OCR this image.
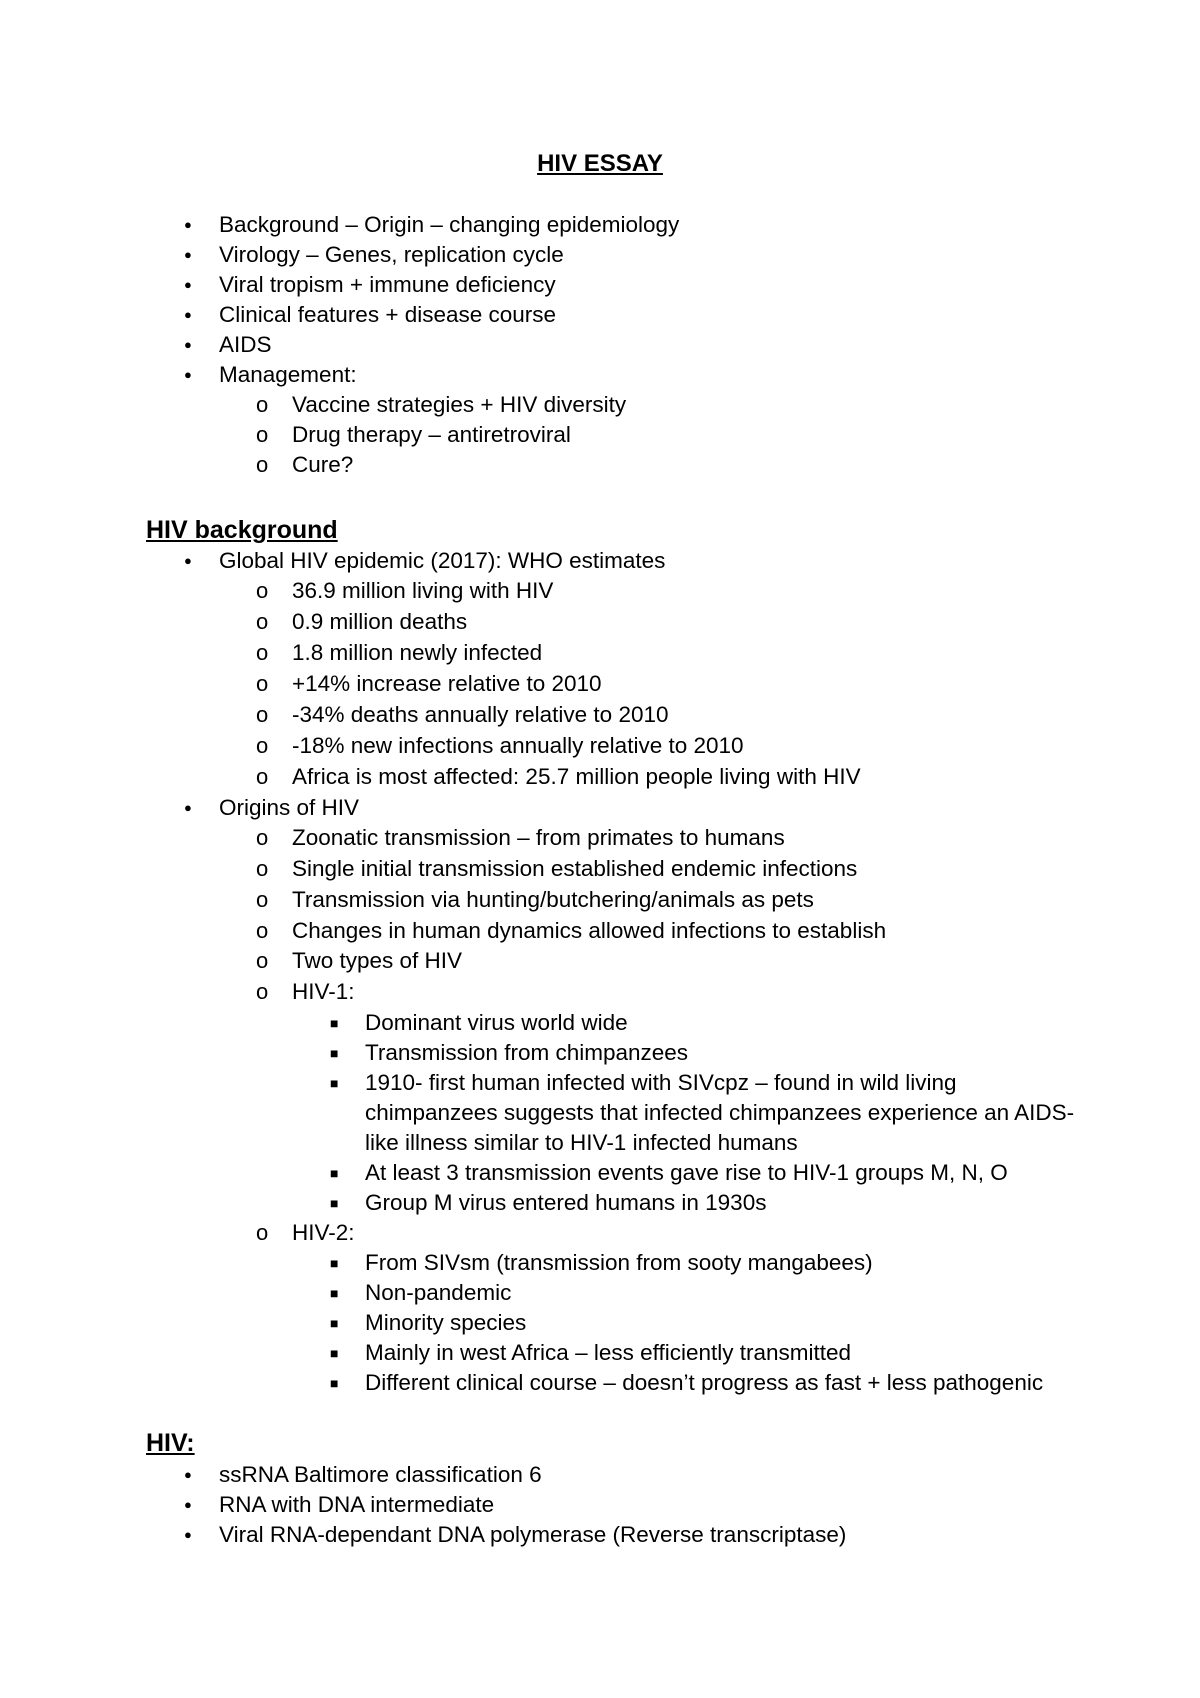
HIV ESSAY
●
Background – Origin – changing epidemiology
●
Virology – Genes, replication cycle
●
Viral tropism + immune deficiency
●
Clinical features + disease course
●
AIDS
●
Management:
o
Vaccine strategies + HIV diversity
o
Drug therapy – antiretroviral
o
Cure?
HIV background
●
Global HIV epidemic (2017): WHO estimates
o
36.9 million living with HIV
o
0.9 million deaths
o
1.8 million newly infected
o
+14% increase relative to 2010
o
-34% deaths annually relative to 2010
o
-18% new infections annually relative to 2010
o
Africa is most affected: 25.7 million people living with HIV
●
Origins of HIV
o
Zoonatic transmission – from primates to humans
o
Single initial transmission established endemic infections
o
Transmission via hunting/butchering/animals as pets
o
Changes in human dynamics allowed infections to establish
o
Two types of HIV
o
HIV-1:
■
Dominant virus world wide
■
Transmission from chimpanzees
■
1910- first human infected with SIVcpz – found in wild living
chimpanzees suggests that infected chimpanzees experience an AIDS-
like illness similar to HIV-1 infected humans
■
At least 3 transmission events gave rise to HIV-1 groups M, N, O
■
Group M virus entered humans in 1930s
o
HIV-2:
■
From SIVsm (transmission from sooty mangabees)
■
Non-pandemic
■
Minority species
■
Mainly in west Africa – less efficiently transmitted
■
Different clinical course – doesn’t progress as fast + less pathogenic
HIV:
●
ssRNA Baltimore classification 6
●
RNA with DNA intermediate
●
Viral RNA-dependant DNA polymerase (Reverse transcriptase)
